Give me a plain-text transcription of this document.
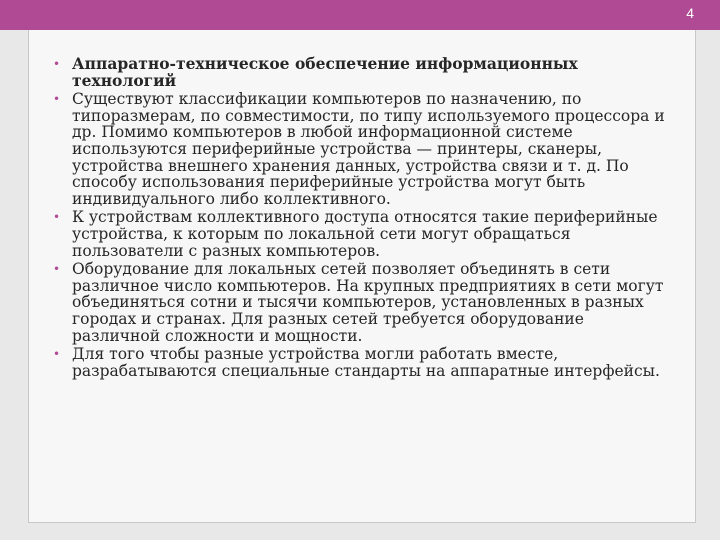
4
• Аппаратно-техническое обеспечение информационных технологий
• Существуют классификации компьютеров по назначению, по типоразмерам, по совместимости, по типу используемого процессора и др. Помимо компьютеров в любой информационной системе используются периферийные устройства — принтеры, сканеры, устройства внешнего хранения данных, устройства связи и т. д. По способу использования периферийные устройства могут быть индивидуального либо коллективного.
• К устройствам коллективного доступа относятся такие периферийные устройства, к которым по локальной сети могут обращаться пользователи с разных компьютеров.
• Оборудование для локальных сетей позволяет объединять в сети различное число компьютеров. На крупных предприятиях в сети могут объединяться сотни и тысячи компьютеров, установленных в разных городах и странах. Для разных сетей требуется оборудование различной сложности и мощности.
• Для того чтобы разные устройства могли работать вместе, разрабатываются специальные стандарты на аппаратные интерфейсы.
